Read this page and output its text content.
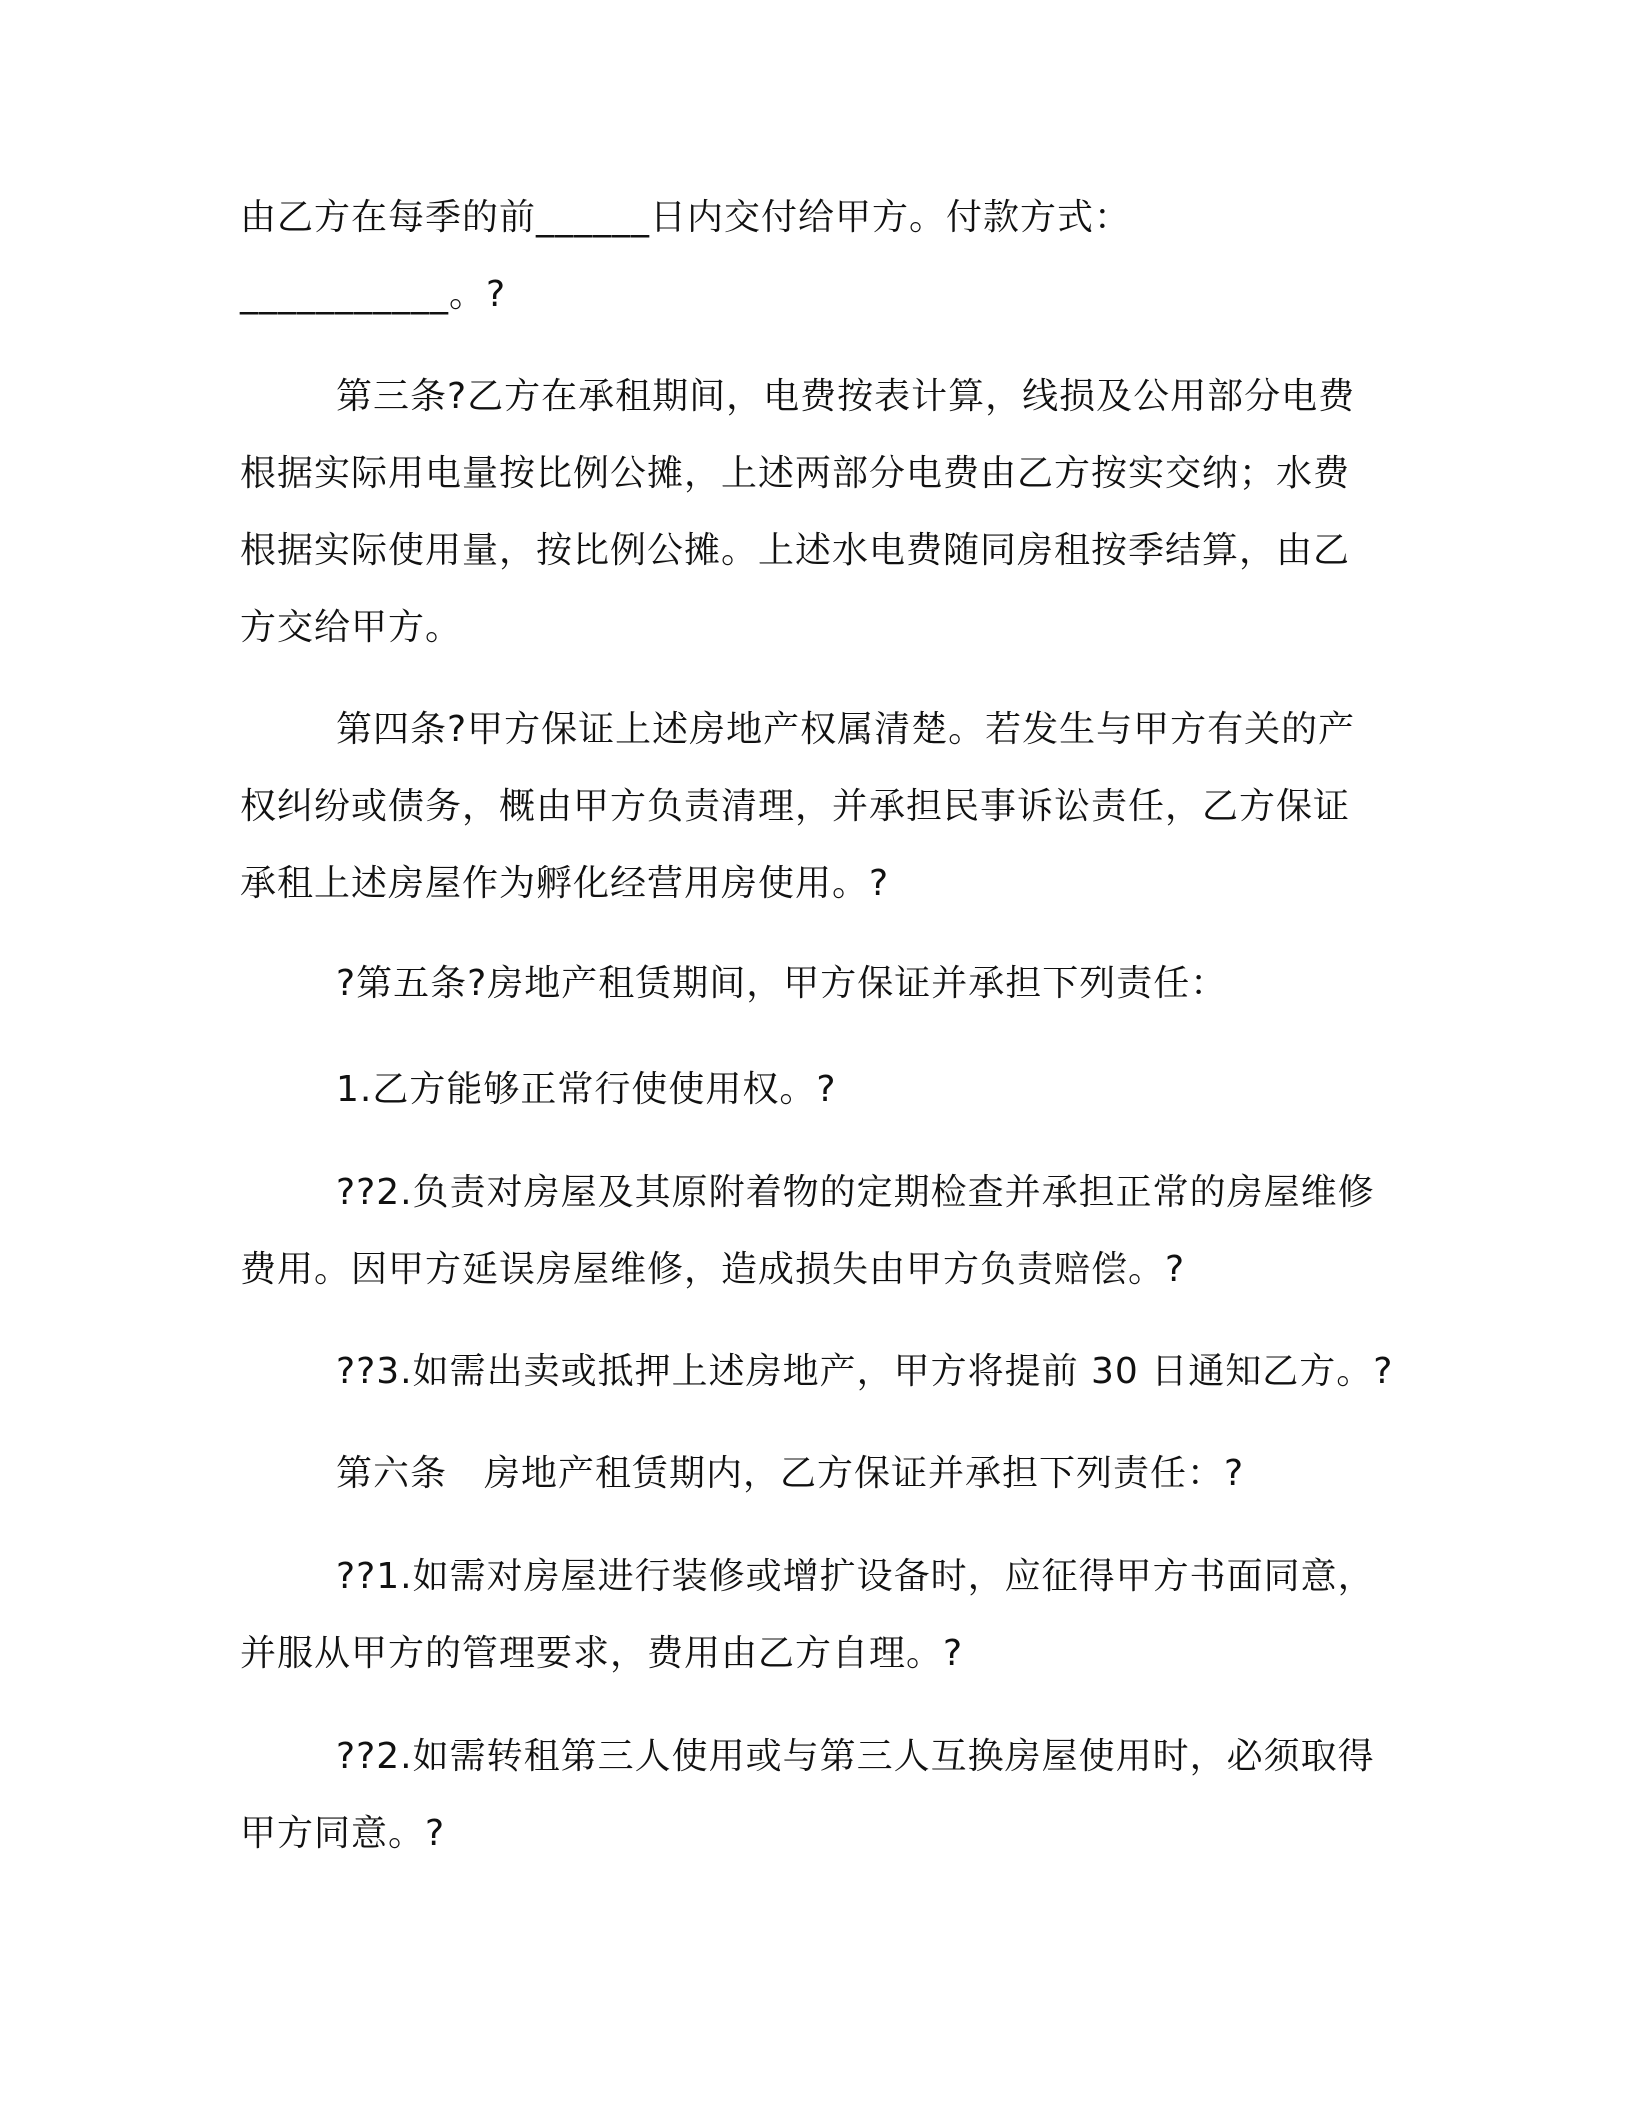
由乙方在每季的前______日内交付给甲方。付款方式：
___________。?
第三条?乙方在承租期间，电费按表计算，线损及公用部分电费
根据实际用电量按比例公摊，上述两部分电费由乙方按实交纳；水费
根据实际使用量，按比例公摊。上述水电费随同房租按季结算，由乙
方交给甲方。
第四条?甲方保证上述房地产权属清楚。若发生与甲方有关的产
权纠纷或债务，概由甲方负责清理，并承担民事诉讼责任，乙方保证
承租上述房屋作为孵化经营用房使用。?
?第五条?房地产租赁期间，甲方保证并承担下列责任：
1.乙方能够正常行使使用权。?
??2.负责对房屋及其原附着物的定期检查并承担正常的房屋维修
费用。因甲方延误房屋维修，造成损失由甲方负责赔偿。?
??3.如需出卖或抵押上述房地产，甲方将提前 30 日通知乙方。?
第六条　房地产租赁期内，乙方保证并承担下列责任：?
??1.如需对房屋进行装修或增扩设备时，应征得甲方书面同意，
并服从甲方的管理要求，费用由乙方自理。?
??2.如需转租第三人使用或与第三人互换房屋使用时，必须取得
甲方同意。?
